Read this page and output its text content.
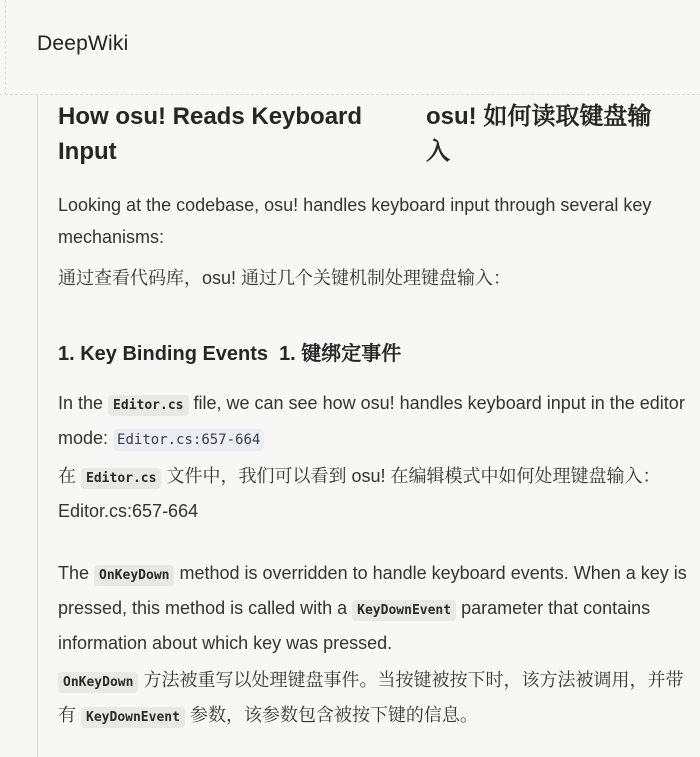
DeepWiki
How osu! Reads Keyboard Input
osu! 如何读取键盘输入

Looking at the codebase, osu! handles keyboard input through several key mechanisms:

通过查看代码库，osu! 通过几个关键机制处理键盘输入：

1. Key Binding Events 1. 键绑定事件

In the Editor.cs file, we can see how osu! handles keyboard input in the editor mode: Editor.cs:657-664

在 Editor.cs 文件中，我们可以看到 osu! 在编辑模式中如何处理键盘输入：Editor.cs:657-664

The OnKeyDown method is overridden to handle keyboard events. When a key is pressed, this method is called with a KeyDownEvent parameter that contains information about which key was pressed.

OnKeyDown 方法被重写以处理键盘事件。当按键被按下时，该方法被调用，并带有 KeyDownEvent 参数，该参数包含被按下键的信息。
